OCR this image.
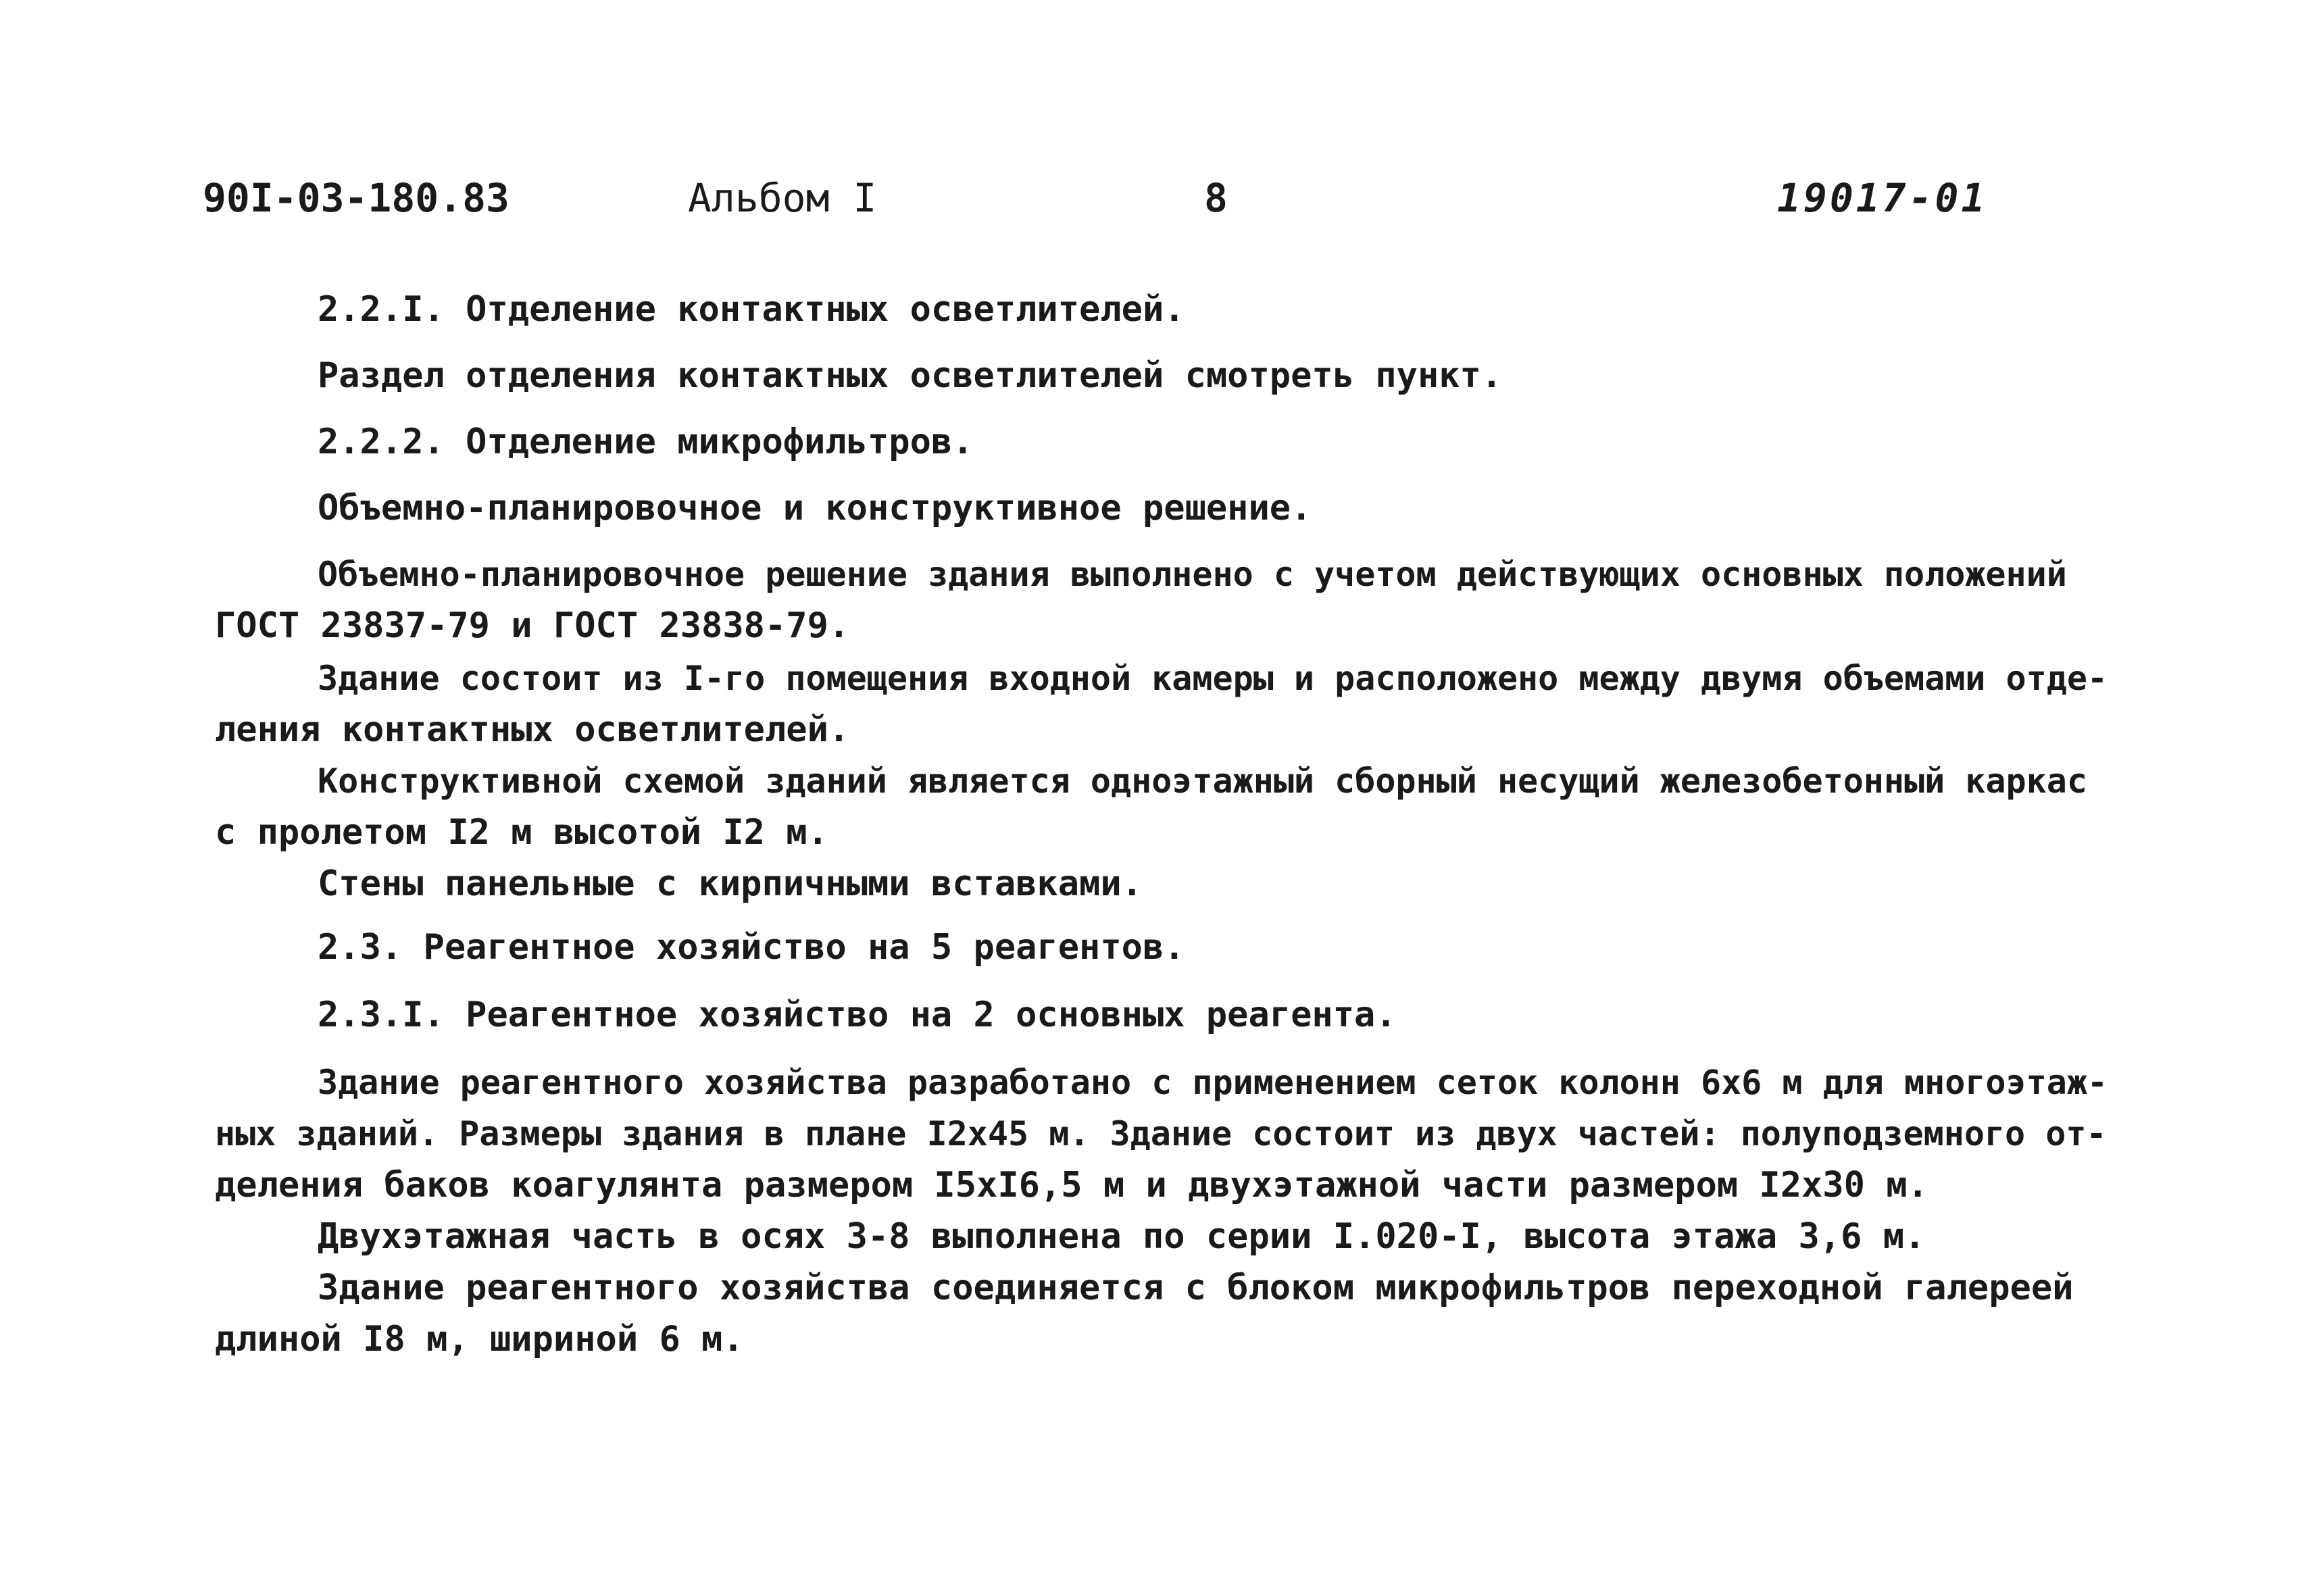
90I-03-180.83	Альбом I	8	19017-01
2.2.I. Отделение контактных осветлителей.
Раздел отделения контактных осветлителей смотреть пункт.
2.2.2. Отделение микрофильтров.
Объемно-планировочное и конструктивное решение.
Объемно-планировочное решение здания выполнено с учетом действующих основных положений
ГОСТ 23837-79 и ГОСТ 23838-79.
Здание состоит из I-го помещения входной камеры и расположено между двумя объемами отде-
ления контактных осветлителей.
Конструктивной схемой зданий является одноэтажный сборный несущий железобетонный каркас
с пролетом I2 м высотой I2 м.
Стены панельные с кирпичными вставками.
2.3. Реагентное хозяйство на 5 реагентов.
2.3.I. Реагентное хозяйство на 2 основных реагента.
Здание реагентного хозяйства разработано с применением сеток колонн 6х6 м для многоэтаж-
ных зданий. Размеры здания в плане I2х45 м. Здание состоит из двух частей: полуподземного от-
деления баков коагулянта размером I5хI6,5 м и двухэтажной части размером I2х30 м.
Двухэтажная часть в осях 3-8 выполнена по серии I.020-I, высота этажа 3,6 м.
Здание реагентного хозяйства соединяется с блоком микрофильтров переходной галереей
длиной I8 м, шириной 6 м.
